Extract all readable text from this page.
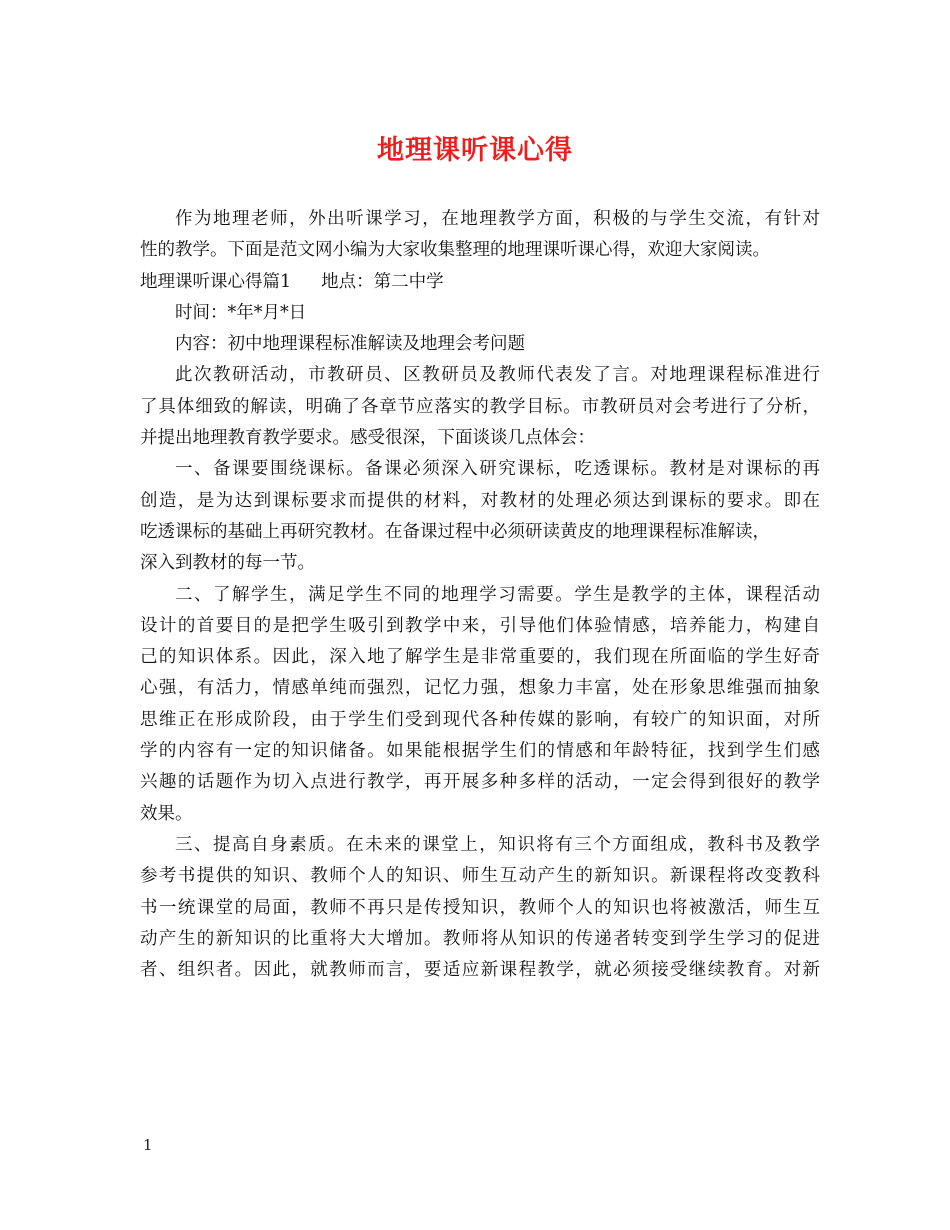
地理课听课心得
作为地理老师，外出听课学习，在地理教学方面，积极的与学生交流，有针对
性的教学。下面是范文网小编为大家收集整理的地理课听课心得，欢迎大家阅读。
地理课听课心得篇1 地点：第二中学
时间：*年*月*日
内容：初中地理课程标准解读及地理会考问题
此次教研活动，市教研员、区教研员及教师代表发了言。对地理课程标准进行
了具体细致的解读，明确了各章节应落实的教学目标。市教研员对会考进行了分析，
并提出地理教育教学要求。感受很深，下面谈谈几点体会：
一、备课要围绕课标。备课必须深入研究课标，吃透课标。教材是对课标的再
创造，是为达到课标要求而提供的材料，对教材的处理必须达到课标的要求。即在
吃透课标的基础上再研究教材。在备课过程中必须研读黄皮的地理课程标准解读，
深入到教材的每一节。
二、了解学生，满足学生不同的地理学习需要。学生是教学的主体，课程活动
设计的首要目的是把学生吸引到教学中来，引导他们体验情感，培养能力，构建自
己的知识体系。因此，深入地了解学生是非常重要的，我们现在所面临的学生好奇
心强，有活力，情感单纯而强烈，记忆力强，想象力丰富，处在形象思维强而抽象
思维正在形成阶段，由于学生们受到现代各种传媒的影响，有较广的知识面，对所
学的内容有一定的知识储备。如果能根据学生们的情感和年龄特征，找到学生们感
兴趣的话题作为切入点进行教学，再开展多种多样的活动，一定会得到很好的教学
效果。
三、提高自身素质。在未来的课堂上，知识将有三个方面组成，教科书及教学
参考书提供的知识、教师个人的知识、师生互动产生的新知识。新课程将改变教科
书一统课堂的局面，教师不再只是传授知识，教师个人的知识也将被激活，师生互
动产生的新知识的比重将大大增加。教师将从知识的传递者转变到学生学习的促进
者、组织者。因此，就教师而言，要适应新课程教学，就必须接受继续教育。对新
1
